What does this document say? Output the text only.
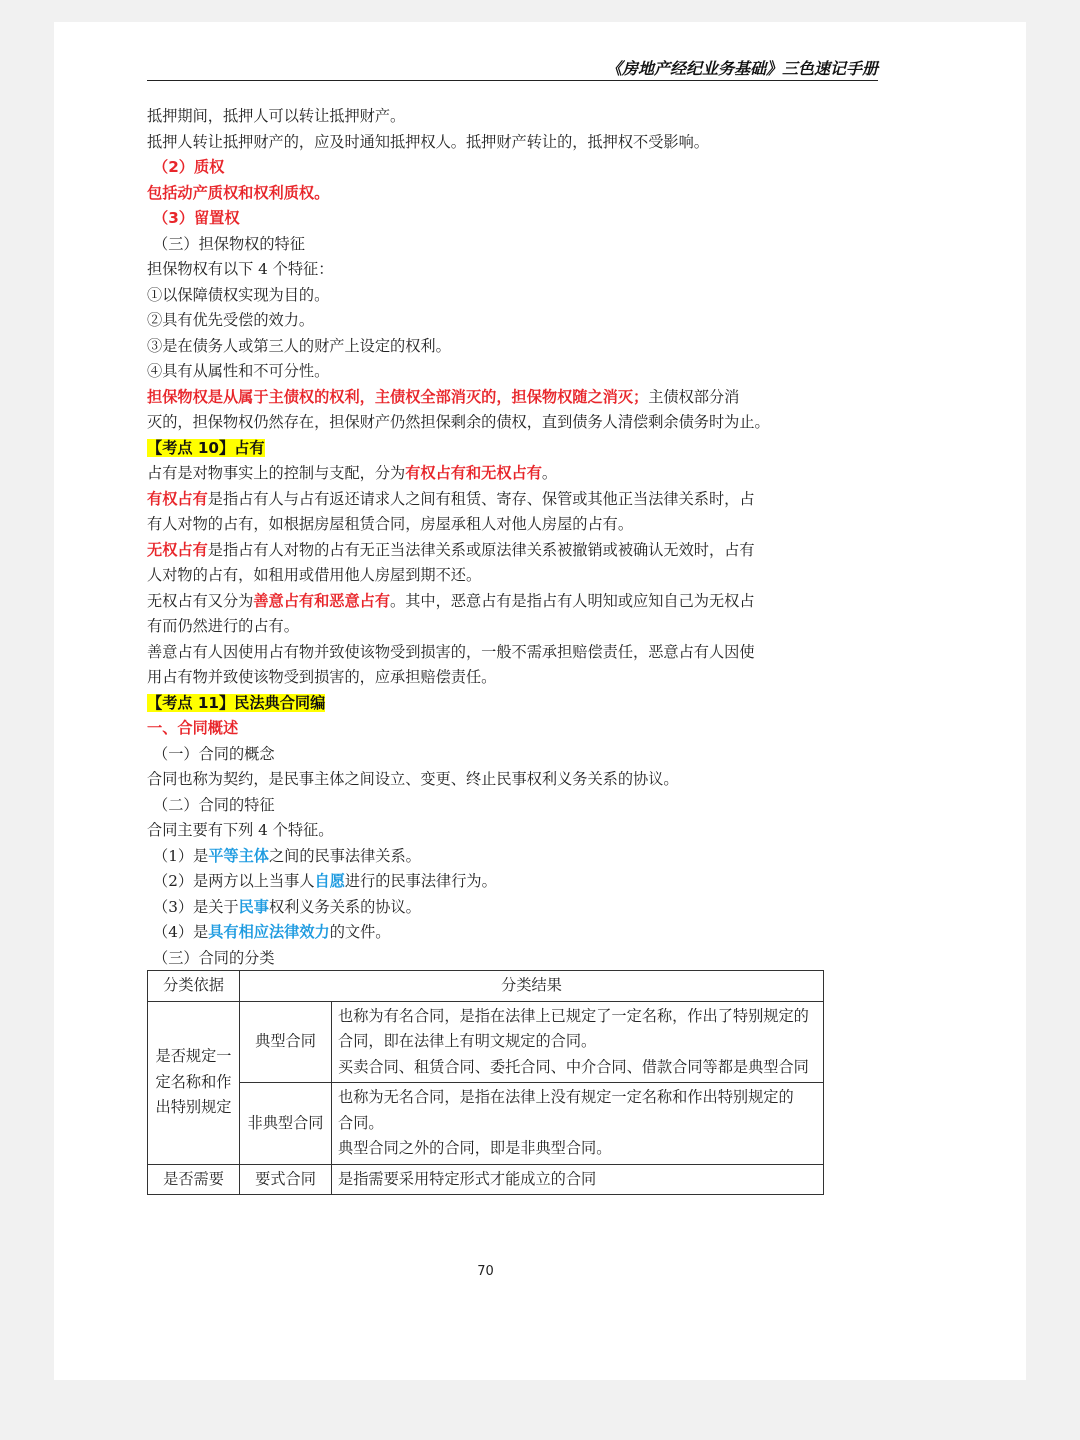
《房地产经纪业务基础》三色速记手册
抵押期间，抵押人可以转让抵押财产。
抵押人转让抵押财产的，应及时通知抵押权人。抵押财产转让的，抵押权不受影响。
（2）质权
包括动产质权和权利质权。
（3）留置权
（三）担保物权的特征
担保物权有以下 4 个特征：
①以保障债权实现为目的。
②具有优先受偿的效力。
③是在债务人或第三人的财产上设定的权利。
④具有从属性和不可分性。
担保物权是从属于主债权的权利，主债权全部消灭的，担保物权随之消灭；主债权部分消
灭的，担保物权仍然存在，担保财产仍然担保剩余的债权，直到债务人清偿剩余债务时为止。
【考点 10】占有
占有是对物事实上的控制与支配，分为有权占有和无权占有。
有权占有是指占有人与占有返还请求人之间有租赁、寄存、保管或其他正当法律关系时，占
有人对物的占有，如根据房屋租赁合同，房屋承租人对他人房屋的占有。
无权占有是指占有人对物的占有无正当法律关系或原法律关系被撤销或被确认无效时，占有
人对物的占有，如租用或借用他人房屋到期不还。
无权占有又分为善意占有和恶意占有。其中，恶意占有是指占有人明知或应知自己为无权占
有而仍然进行的占有。
善意占有人因使用占有物并致使该物受到损害的，一般不需承担赔偿责任，恶意占有人因使
用占有物并致使该物受到损害的，应承担赔偿责任。
【考点 11】民法典合同编
一、合同概述
（一）合同的概念
合同也称为契约，是民事主体之间设立、变更、终止民事权利义务关系的协议。
（二）合同的特征
合同主要有下列 4 个特征。
（1）是平等主体之间的民事法律关系。
（2）是两方以上当事人自愿进行的民事法律行为。
（3）是关于民事权利义务关系的协议。
（4）是具有相应法律效力的文件。
（三）合同的分类
分类依据	分类结果	
是否规定一定名称和作出特别规定	典型合同	也称为有名合同，是指在法律上已规定了一定名称，作出了特别规定的合同，即在法律上有明文规定的合同。
买卖合同、租赁合同、委托合同、中介合同、借款合同等都是典型合同

	非典型合同	也称为无名合同，是指在法律上没有规定一定名称和作出特别规定的
合同。
典型合同之外的合同，即是非典型合同。

是否需要	要式合同	是指需要采用特定形式才能成立的合同
70
